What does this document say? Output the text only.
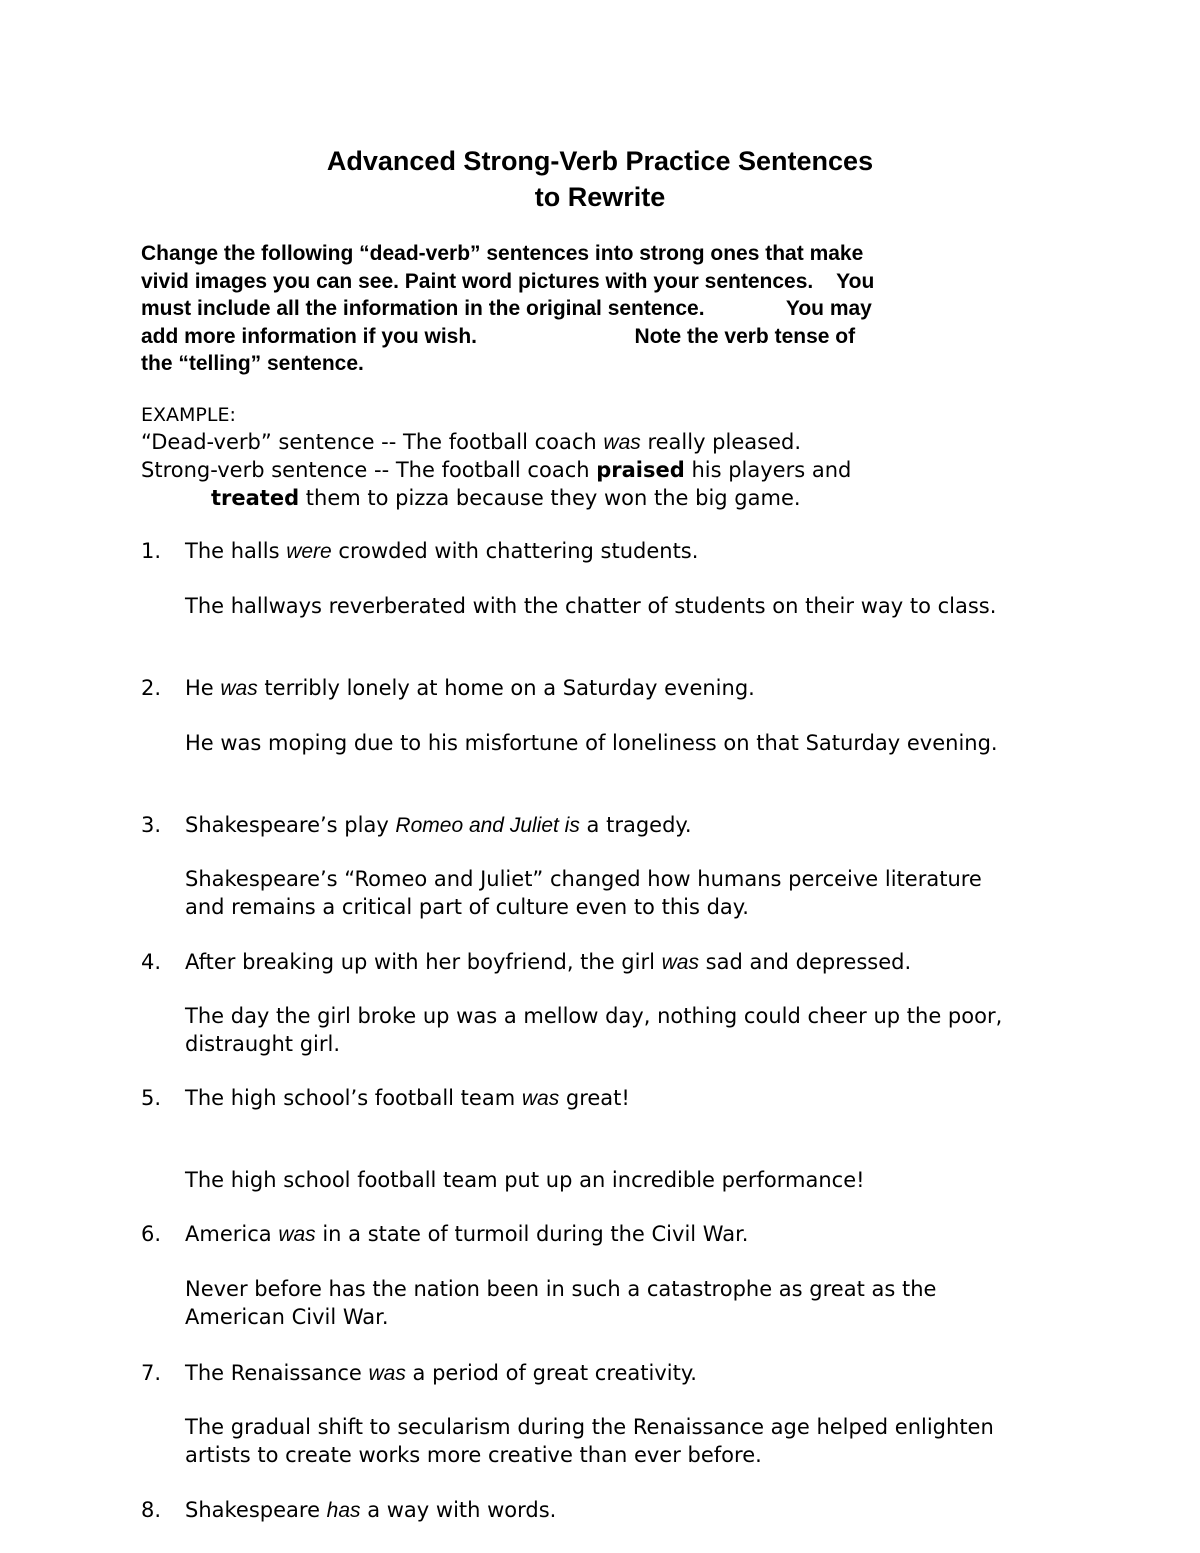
Advanced Strong-Verb Practice Sentences
to Rewrite
Change the following “dead-verb” sentences into strong ones that make
vivid images you can see. Paint word pictures with your sentences.    You
must include all the information in the original sentence.              You may
add more information if you wish.                           Note the verb tense of
the “telling” sentence.
EXAMPLE:
“Dead-verb” sentence -- The football coach was really pleased.
Strong-verb sentence -- The football coach praised his players and
treated them to pizza because they won the big game.
1. The halls were crowded with chattering students.
The hallways reverberated with the chatter of students on their way to class.
2. He was terribly lonely at home on a Saturday evening.
He was moping due to his misfortune of loneliness on that Saturday evening.
3. Shakespeare’s play Romeo and Juliet is a tragedy.
Shakespeare’s “Romeo and Juliet” changed how humans perceive literature and remains a critical part of culture even to this day.
4. After breaking up with her boyfriend, the girl was sad and depressed.
The day the girl broke up was a mellow day, nothing could cheer up the poor, distraught girl.
5. The high school’s football team was great!
The high school football team put up an incredible performance!
6. America was in a state of turmoil during the Civil War.
Never before has the nation been in such a catastrophe as great as the American Civil War.
7. The Renaissance was a period of great creativity.
The gradual shift to secularism during the Renaissance age helped enlighten artists to create works more creative than ever before.
8. Shakespeare has a way with words.
